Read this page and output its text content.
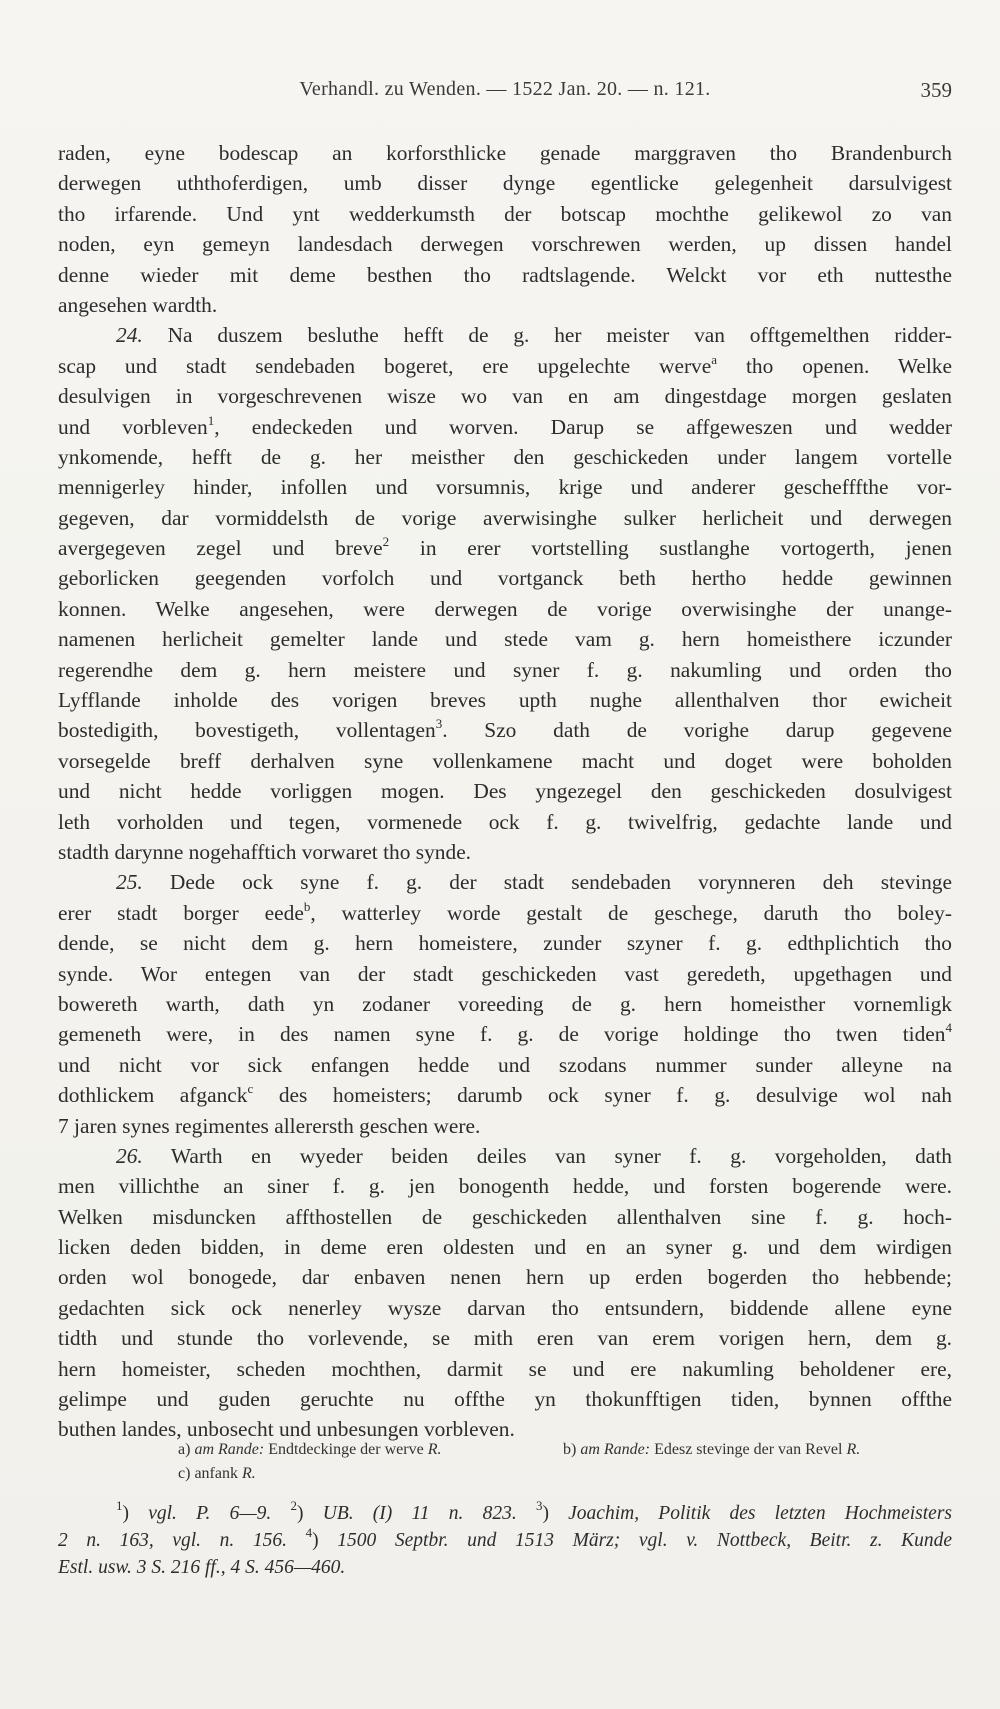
Verhandl. zu Wenden. — 1522 Jan. 20. — n. 121.	359
raden, eyne bodescap an korforsthlicke genade marggraven tho Brandenburch
derwegen uththoferdigen, umb disser dynge egentlicke gelegenheit darsulvigest
tho irfarende. Und ynt wedderkumsth der botscap mochthe gelikewol zo van
noden, eyn gemeyn landesdach derwegen vorschrewen werden, up dissen handel
denne wieder mit deme besthen tho radtslagende. Welckt vor eth nuttesthe
angesehen wardth.
24. Na duszem besluthe hefft de g. her meister van offtgemelthen ridder-
scap und stadt sendebaden bogeret, ere upgelechte werve$^a$ tho openen. Welke
desulvigen in vorgeschrevenen wisze wo van en am dingestdage morgen geslaten
und vorbleven$^1$, endeckeden und worven. Darup se affgeweszen und wedder
ynkomende, hefft de g. her meisther den geschickeden under langem vortelle
mennigerley hinder, infollen und vorsumnis, krige und anderer geschefffthe vor-
gegeven, dar vormiddelsth de vorige averwisinghe sulker herlicheit und derwegen
avergegeven zegel und breve$^2$ in erer vortstelling sustlanghe vortogerth, jenen
geborlicken geegenden vorfolch und vortganck beth hertho hedde gewinnen
konnen. Welke angesehen, were derwegen de vorige overwisinghe der unange-
namenen herlicheit gemelter lande und stede vam g. hern homeisthere iczunder
regerendhe dem g. hern meistere und syner f. g. nakumling und orden tho
Lyfflande inholde des vorigen breves upth nughe allenthalven thor ewicheit
bostedigith, bovestigeth, vollentagen$^3$. Szo dath de vorighe darup gegevene
vorsegelde breff derhalven syne vollenkamene macht und doget were boholden
und nicht hedde vorliggen mogen. Des yngezegel den geschickeden dosulvigest
leth vorholden und tegen, vormenede ock f. g. twivelfrig, gedachte lande und
stadth darynne nogehafftich vorwaret tho synde.
25. Dede ock syne f. g. der stadt sendebaden vorynneren deh stevinge
erer stadt borger eede$^b$, watterley worde gestalt de geschege, daruth tho boley-
dende, se nicht dem g. hern homeistere, zunder szyner f. g. edthplichtich tho
synde. Wor entegen van der stadt geschickeden vast geredeth, upgethagen und
bowereth warth, dath yn zodaner voreeding de g. hern homeisther vornemligk
gemeneth were, in des namen syne f. g. de vorige holdinge tho twen tiden$^4$
und nicht vor sick enfangen hedde und szodans nummer sunder alleyne na
dothlickem afganck$^c$ des homeisters; darumb ock syner f. g. desulvige wol nah
7 jaren synes regimentes allerersth geschen were.
26. Warth en wyeder beiden deiles van syner f. g. vorgeholden, dath
men villichthe an siner f. g. jen bonogenth hedde, und forsten bogerende were.
Welken misduncken affthostellen de geschickeden allenthalven sine f. g. hoch-
licken deden bidden, in deme eren oldesten und en an syner g. und dem wirdigen
orden wol bonogede, dar enbaven nenen hern up erden bogerden tho hebbende;
gedachten sick ock nenerley wysze darvan tho entsundern, biddende allene eyne
tidth und stunde tho vorlevende, se mith eren van erem vorigen hern, dem g.
hern homeister, scheden mochthen, darmit se und ere nakumling beholdener ere,
gelimpe und guden geruchte nu offthe yn thokunfftigen tiden, bynnen offthe
buthen landes, unbosecht und unbesungen vorbleven.
a) am Rande: Endtdeckinge der werve R.	b) am Rande: Edesz stevinge der van Revel R.
c) anfank R.
$^1$) vgl. P. 6—9. $^2$) UB. (I) 11 n. 823. $^3$) Joachim, Politik des letzten Hochmeisters
2 n. 163, vgl. n. 156. $^4$) 1500 Septbr. und 1513 März; vgl. v. Nottbeck, Beitr. z. Kunde
Estl. usw. 3 S. 216 ff., 4 S. 456—460.
